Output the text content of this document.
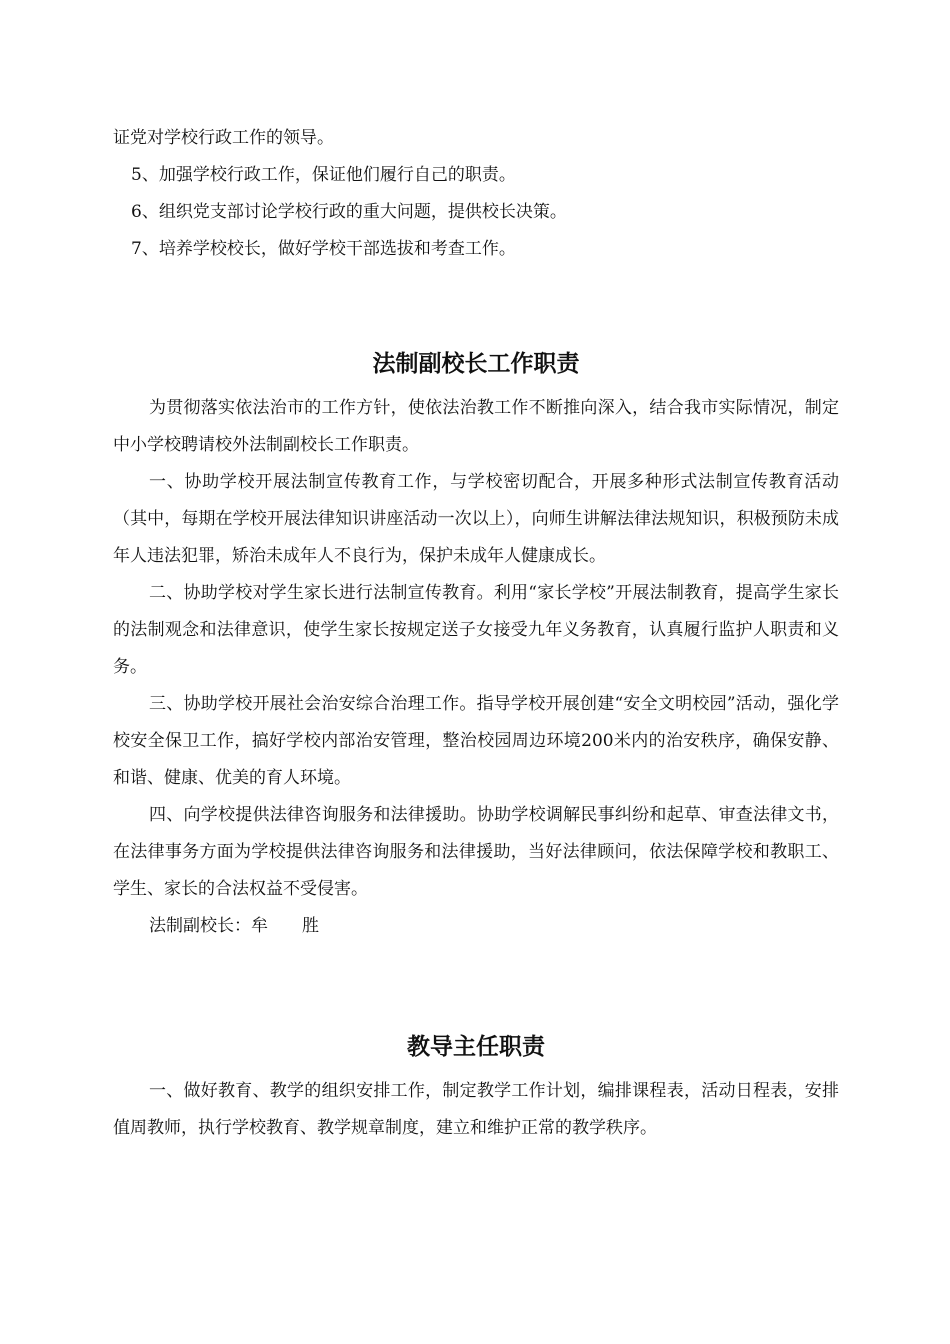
证党对学校行政工作的领导。
5、加强学校行政工作，保证他们履行自己的职责。
6、组织党支部讨论学校行政的重大问题，提供校长决策。
7、培养学校校长，做好学校干部选拔和考查工作。
法制副校长工作职责

为贯彻落实依法治市的工作方针，使依法治教工作不断推向深入，结合我市实际情况，制定中小学校聘请校外法制副校长工作职责。

一、协助学校开展法制宣传教育工作，与学校密切配合，开展多种形式法制宣传教育活动（其中，每期在学校开展法律知识讲座活动一次以上），向师生讲解法律法规知识，积极预防未成年人违法犯罪，矫治未成年人不良行为，保护未成年人健康成长。

二、协助学校对学生家长进行法制宣传教育。利用“家长学校”开展法制教育，提高学生家长的法制观念和法律意识，使学生家长按规定送子女接受九年义务教育，认真履行监护人职责和义务。

三、协助学校开展社会治安综合治理工作。指导学校开展创建“安全文明校园”活动，强化学校安全保卫工作，搞好学校内部治安管理，整治校园周边环境200米内的治安秩序，确保安静、和谐、健康、优美的育人环境。

四、向学校提供法律咨询服务和法律援助。协助学校调解民事纠纷和起草、审查法律文书，在法律事务方面为学校提供法律咨询服务和法律援助，当好法律顾问，依法保障学校和教职工、学生、家长的合法权益不受侵害。

法制副校长：牟　　胜
教导主任职责

一、做好教育、教学的组织安排工作，制定教学工作计划，编排课程表，活动日程表，安排值周教师，执行学校教育、教学规章制度，建立和维护正常的教学秩序。
